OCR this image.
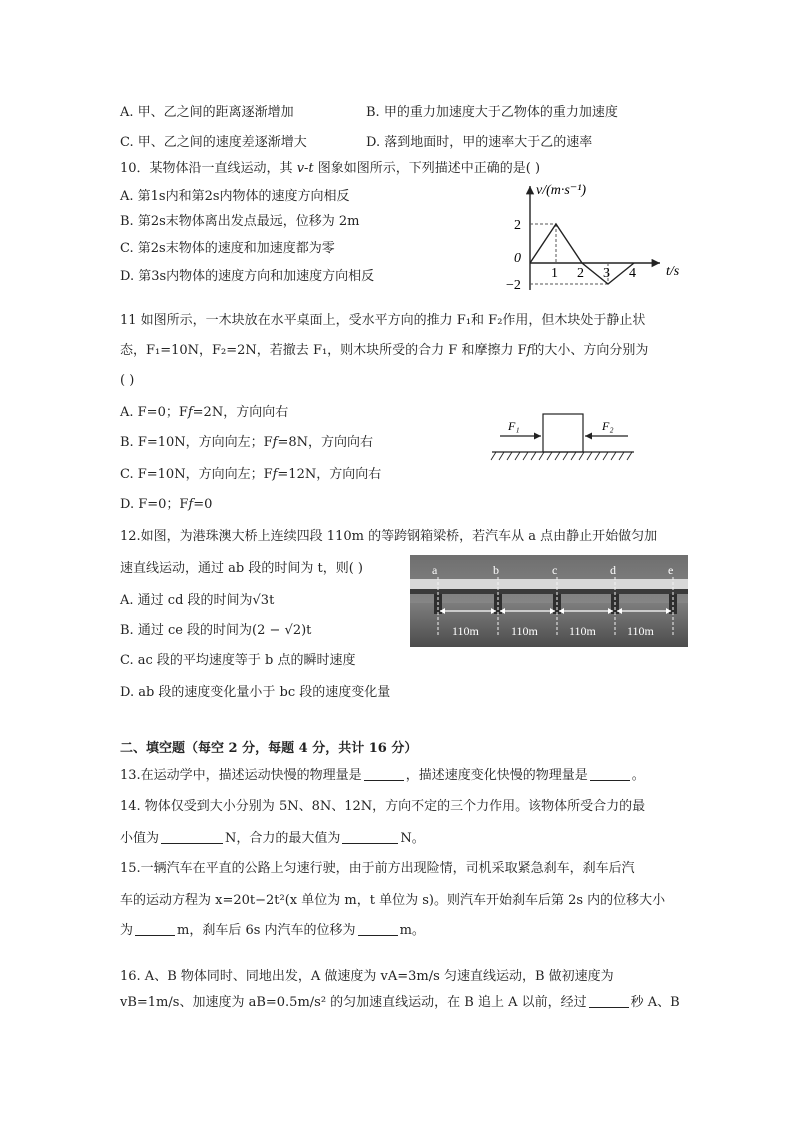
A. 甲、乙之间的距离逐渐增加	B. 甲的重力加速度大于乙物体的重力加速度
C. 甲、乙之间的速度差逐渐增大	D. 落到地面时，甲的速率大于乙的速率
10．某物体沿一直线运动，其 v-t 图象如图所示，下列描述中正确的是( )
A. 第1s内和第2s内物体的速度方向相反
B. 第2s末物体离出发点最远，位移为 2m
C. 第2s末物体的速度和加速度都为零
D. 第3s内物体的速度方向和加速度方向相反
v/(m·s⁻¹)
2
0
−2
1 2 3 4 t/s
11 如图所示，一木块放在水平桌面上，受水平方向的推力 F₁和 F₂作用，但木块处于静止状
态，F₁=10N，F₂=2N，若撤去 F₁，则木块所受的合力 F 和摩擦力 F𝑓的大小、方向分别为
( )
A. F=0；F𝑓=2N，方向向右
B. F=10N，方向向左；F𝑓=8N，方向向右
C. F=10N，方向向左；F𝑓=12N，方向向右
D. F=0；F𝑓=0
F₁	F₂
12.如图，为港珠澳大桥上连续四段 110m 的等跨钢箱梁桥，若汽车从 a 点由静止开始做匀加
速直线运动，通过 ab 段的时间为 t，则( )
A. 通过 cd 段的时间为√3t
B. 通过 ce 段的时间为(2 − √2)t
C. ac 段的平均速度等于 b 点的瞬时速度
D. ab 段的速度变化量小于 bc 段的速度变化量
a	b	c	d	e
110m	110m	110m	110m
二、填空题（每空 2 分，每题 4 分，共计 16 分）
13.在运动学中，描述运动快慢的物理量是	，描述速度变化快慢的物理量是	。
14. 物体仅受到大小分别为 5N、8N、12N，方向不定的三个力作用。该物体所受合力的最
小值为	N，合力的最大值为	N。
15.一辆汽车在平直的公路上匀速行驶，由于前方出现险情，司机采取紧急刹车，刹车后汽
车的运动方程为 x=20t−2t²(x 单位为 m，t 单位为 s)。则汽车开始刹车后第 2s 内的位移大小
为	m，刹车后 6s 内汽车的位移为	m。
16. A、B 物体同时、同地出发，A 做速度为 vA=3m/s 匀速直线运动，B 做初速度为
vB=1m/s、加速度为 aB=0.5m/s² 的匀加速直线运动，在 B 追上 A 以前，经过	秒 A、B
